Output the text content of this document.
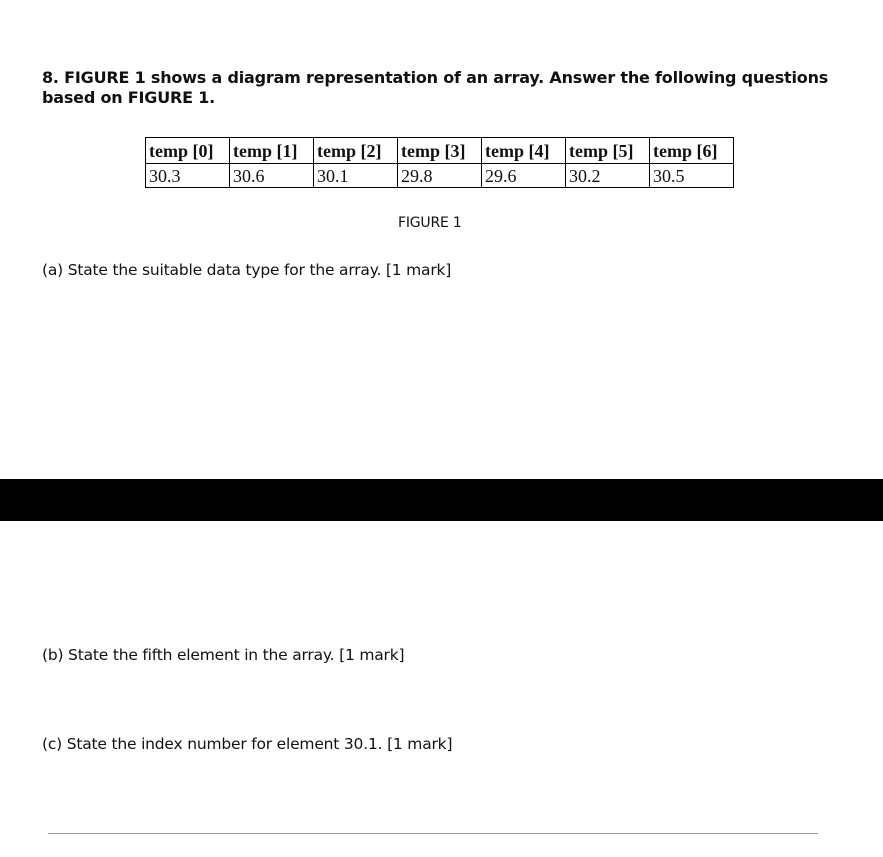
8. FIGURE 1 shows a diagram representation of an array. Answer the following questions based on FIGURE 1.
temp [0]	temp [1]	temp [2]	temp [3]	temp [4]	temp [5]	temp [6]
30.3	30.6	30.1	29.8	29.6	30.2	30.5
FIGURE 1
(a) State the suitable data type for the array. [1 mark]
(b) State the fifth element in the array. [1 mark]
(c) State the index number for element 30.1. [1 mark]
